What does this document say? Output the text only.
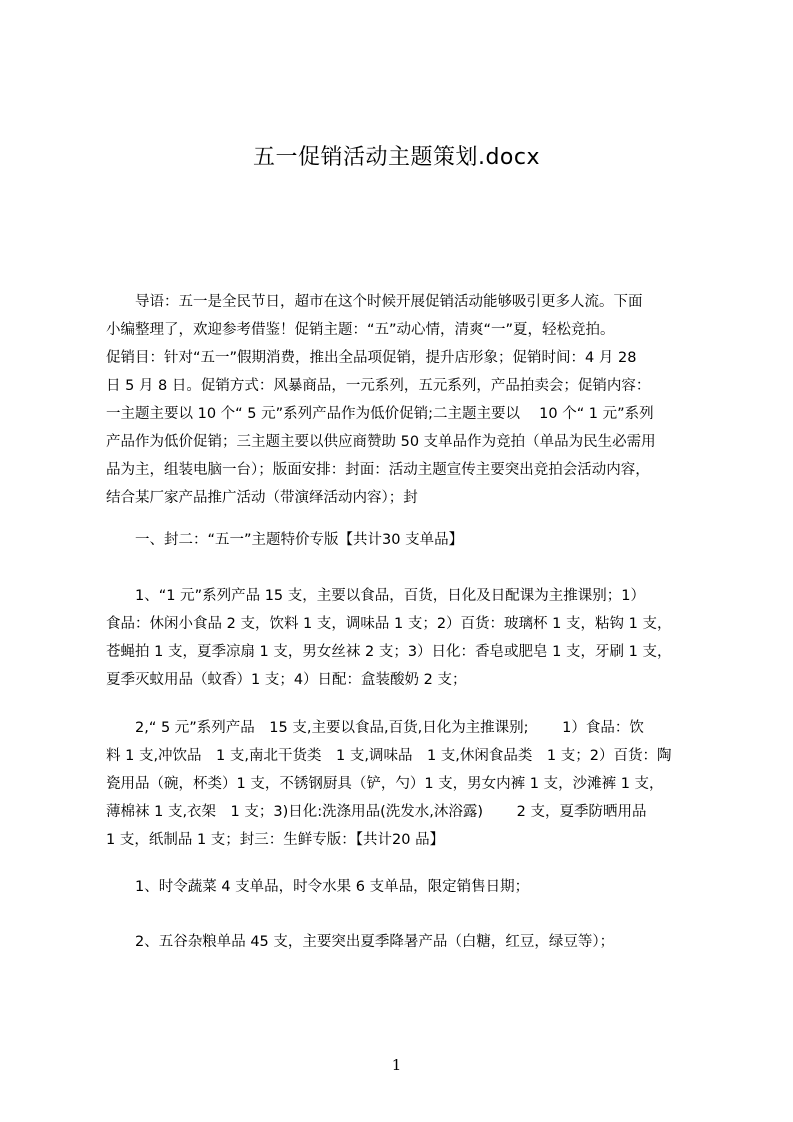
五一促销活动主题策划.docx
　　导语：五一是全民节日，超市在这个时候开展促销活动能够吸引更多人流。下面
小编整理了，欢迎参考借鉴！促销主题：“五”动心情，清爽“一”夏，轻松竞拍。
促销目：针对“五一”假期消费，推出全品项促销，提升店形象；促销时间：4 月 28
日 5 月 8 日。促销方式：风暴商品，一元系列，五元系列，产品拍卖会；促销内容：
一主题主要以 10 个“ 5 元”系列产品作为低价促销;二主题主要以　 10 个“ 1 元”系列
产品作为低价促销；三主题主要以供应商赞助 50 支单品作为竞拍（单品为民生必需用
品为主，组装电脑一台）；版面安排：封面：活动主题宣传主要突出竞拍会活动内容，
结合某厂家产品推广活动（带演绎活动内容）；封
　　一、封二：“五一”主题特价专版【共计30 支单品】
　　1、“1 元”系列产品 15 支，主要以食品，百货，日化及日配课为主推课别；1）
食品：休闲小食品 2 支，饮料 1 支，调味品 1 支；2）百货：玻璃杯 1 支，粘钩 1 支，
苍蝇拍 1 支，夏季凉扇 1 支，男女丝袜 2 支；3）日化：香皂或肥皂 1 支，牙刷 1 支，
夏季灭蚊用品（蚊香）1 支；4）日配：盒装酸奶 2 支；
　　2,“ 5 元”系列产品　15 支,主要以食品,百货,日化为主推课别;　　 1）食品：饮
料 1 支,冲饮品　1 支,南北干货类　1 支,调味品　1 支,休闲食品类　1 支；2）百货：陶
瓷用品（碗，杯类）1 支，不锈钢厨具（铲，勺）1 支，男女内裤 1 支，沙滩裤 1 支，
薄棉袜 1 支,衣架　1 支；3)日化:洗涤用品(洗发水,沐浴露)　　 2 支，夏季防晒用品
1 支，纸制品 1 支；封三：生鲜专版：【共计20 品】
　　1、时令蔬菜 4 支单品，时令水果 6 支单品，限定销售日期；
　　2、五谷杂粮单品 45 支，主要突出夏季降暑产品（白糖，红豆，绿豆等）；
1
